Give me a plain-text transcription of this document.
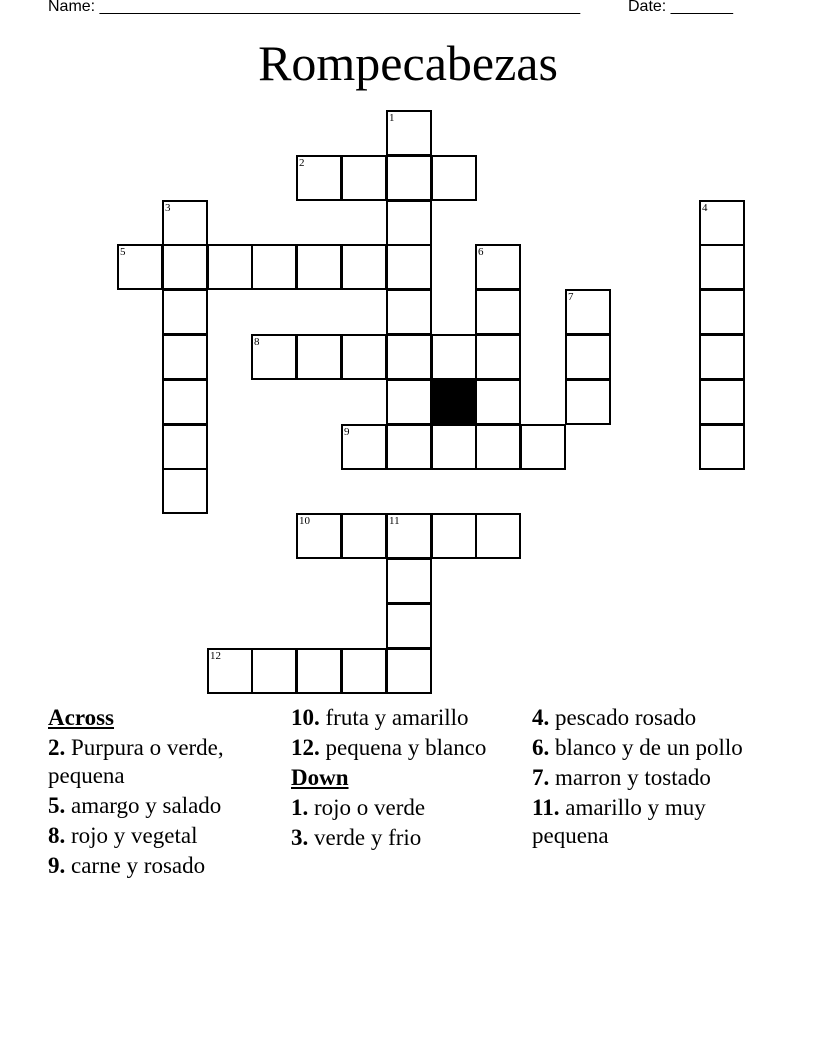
Name: ______________________________________________________	Date: _______
Rompecabezas
1
2
3	4
5	6
7
8
9
10	11
12
Across
2. Purpura o verde, pequena
5. amargo y salado
8. rojo y vegetal
9. carne y rosado
10. fruta y amarillo
12. pequena y blanco
Down
1. rojo o verde
3. verde y frio
4. pescado rosado
6. blanco y de un pollo
7. marron y tostado
11. amarillo y muy pequena
